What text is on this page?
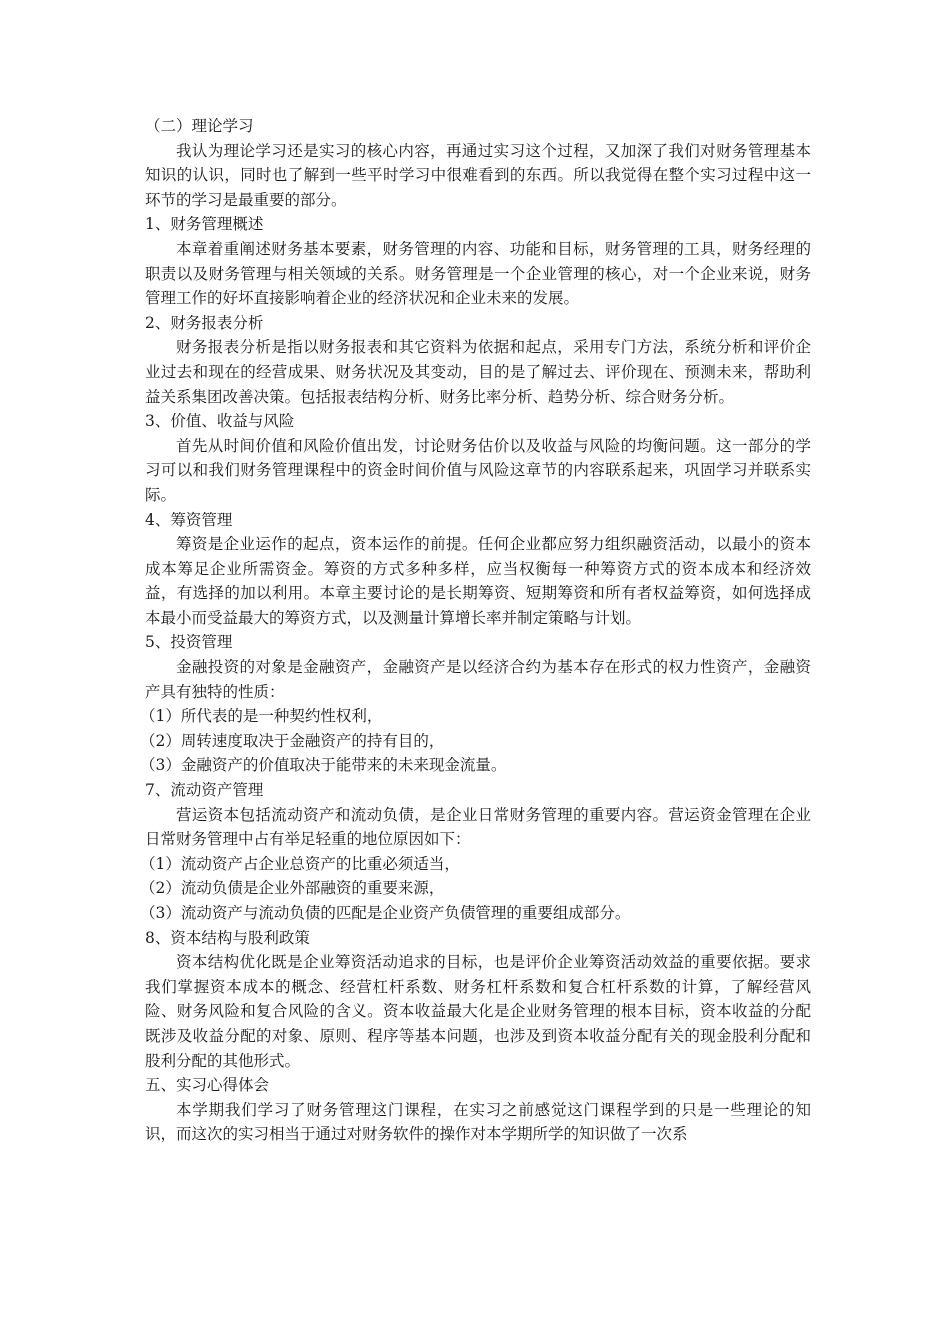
（二）理论学习

我认为理论学习还是实习的核心内容，再通过实习这个过程，又加深了我们对财务管理基本知识的认识，同时也了解到一些平时学习中很难看到的东西。所以我觉得在整个实习过程中这一环节的学习是最重要的部分。

1、财务管理概述

本章着重阐述财务基本要素，财务管理的内容、功能和目标，财务管理的工具，财务经理的职责以及财务管理与相关领域的关系。财务管理是一个企业管理的核心，对一个企业来说，财务管理工作的好坏直接影响着企业的经济状况和企业未来的发展。

2、财务报表分析

财务报表分析是指以财务报表和其它资料为依据和起点，采用专门方法，系统分析和评价企业过去和现在的经营成果、财务状况及其变动，目的是了解过去、评价现在、预测未来，帮助利益关系集团改善决策。包括报表结构分析、财务比率分析、趋势分析、综合财务分析。

3、价值、收益与风险

首先从时间价值和风险价值出发，讨论财务估价以及收益与风险的均衡问题。这一部分的学习可以和我们财务管理课程中的资金时间价值与风险这章节的内容联系起来，巩固学习并联系实际。

4、筹资管理

筹资是企业运作的起点，资本运作的前提。任何企业都应努力组织融资活动，以最小的资本成本筹足企业所需资金。筹资的方式多种多样，应当权衡每一种筹资方式的资本成本和经济效益，有选择的加以利用。本章主要讨论的是长期筹资、短期筹资和所有者权益筹资，如何选择成本最小而受益最大的筹资方式，以及测量计算增长率并制定策略与计划。

5、投资管理

金融投资的对象是金融资产，金融资产是以经济合约为基本存在形式的权力性资产，金融资产具有独特的性质：

（1）所代表的是一种契约性权利，

（2）周转速度取决于金融资产的持有目的，

（3）金融资产的价值取决于能带来的未来现金流量。

7、流动资产管理

营运资本包括流动资产和流动负债，是企业日常财务管理的重要内容。营运资金管理在企业日常财务管理中占有举足轻重的地位原因如下：

（1）流动资产占企业总资产的比重必须适当，

（2）流动负债是企业外部融资的重要来源，

（3）流动资产与流动负债的匹配是企业资产负债管理的重要组成部分。

8、资本结构与股利政策

资本结构优化既是企业筹资活动追求的目标，也是评价企业筹资活动效益的重要依据。要求我们掌握资本成本的概念、经营杠杆系数、财务杠杆系数和复合杠杆系数的计算，了解经营风险、财务风险和复合风险的含义。资本收益最大化是企业财务管理的根本目标，资本收益的分配既涉及收益分配的对象、原则、程序等基本问题，也涉及到资本收益分配有关的现金股利分配和股利分配的其他形式。

五、实习心得体会

本学期我们学习了财务管理这门课程，在实习之前感觉这门课程学到的只是一些理论的知识，而这次的实习相当于通过对财务软件的操作对本学期所学的知识做了一次系
